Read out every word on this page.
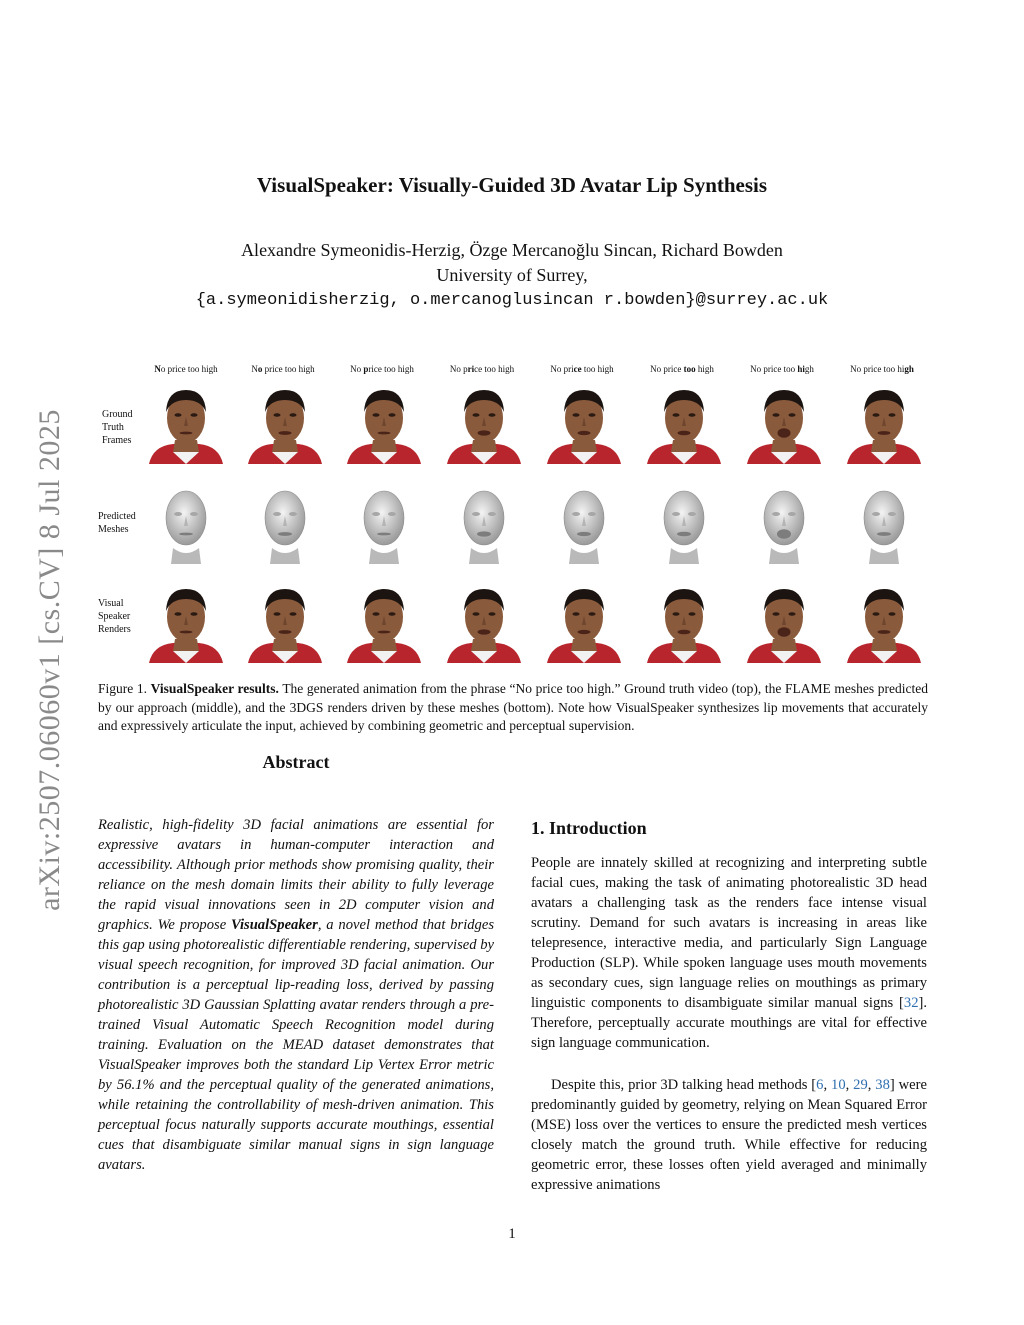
arXiv:2507.06060v1 [cs.CV] 8 Jul 2025
VisualSpeaker: Visually-Guided 3D Avatar Lip Synthesis
Alexandre Symeonidis-Herzig, Özge Mercanoğlu Sincan, Richard Bowden
University of Surrey,
{a.symeonidisherzig, o.mercanoglusincan r.bowden}@surrey.ac.uk
No price too high	No price too high	No price too high	No price too high	No price too high	No price too high	No price too high	No price too high
Ground
Truth
Frames
Predicted
Meshes
Visual
Speaker
Renders
Figure 1. VisualSpeaker results. The generated animation from the phrase “No price too high.” Ground truth video (top), the FLAME meshes predicted by our approach (middle), and the 3DGS renders driven by these meshes (bottom). Note how VisualSpeaker synthesizes lip movements that accurately and expressively articulate the input, achieved by combining geometric and perceptual supervision.
Abstract
Realistic, high-fidelity 3D facial animations are essential for expressive avatars in human-computer interaction and accessibility. Although prior methods show promising quality, their reliance on the mesh domain limits their ability to fully leverage the rapid visual innovations seen in 2D computer vision and graphics. We propose VisualSpeaker, a novel method that bridges this gap using photorealistic differentiable rendering, supervised by visual speech recognition, for improved 3D facial animation. Our contribution is a perceptual lip-reading loss, derived by passing photorealistic 3D Gaussian Splatting avatar renders through a pre-trained Visual Automatic Speech Recognition model during training. Evaluation on the MEAD dataset demonstrates that VisualSpeaker improves both the standard Lip Vertex Error metric by 56.1% and the perceptual quality of the generated animations, while retaining the controllability of mesh-driven animation. This perceptual focus naturally supports accurate mouthings, essential cues that disambiguate similar manual signs in sign language avatars.
1. Introduction
People are innately skilled at recognizing and interpreting subtle facial cues, making the task of animating photorealistic 3D head avatars a challenging task as the renders face intense visual scrutiny. Demand for such avatars is increasing in areas like telepresence, interactive media, and particularly Sign Language Production (SLP). While spoken language uses mouth movements as secondary cues, sign language relies on mouthings as primary linguistic components to disambiguate similar manual signs [32]. Therefore, perceptually accurate mouthings are vital for effective sign language communication.
Despite this, prior 3D talking head methods [6, 10, 29, 38] were predominantly guided by geometry, relying on Mean Squared Error (MSE) loss over the vertices to ensure the predicted mesh vertices closely match the ground truth. While effective for reducing geometric error, these losses often yield averaged and minimally expressive animations
1
